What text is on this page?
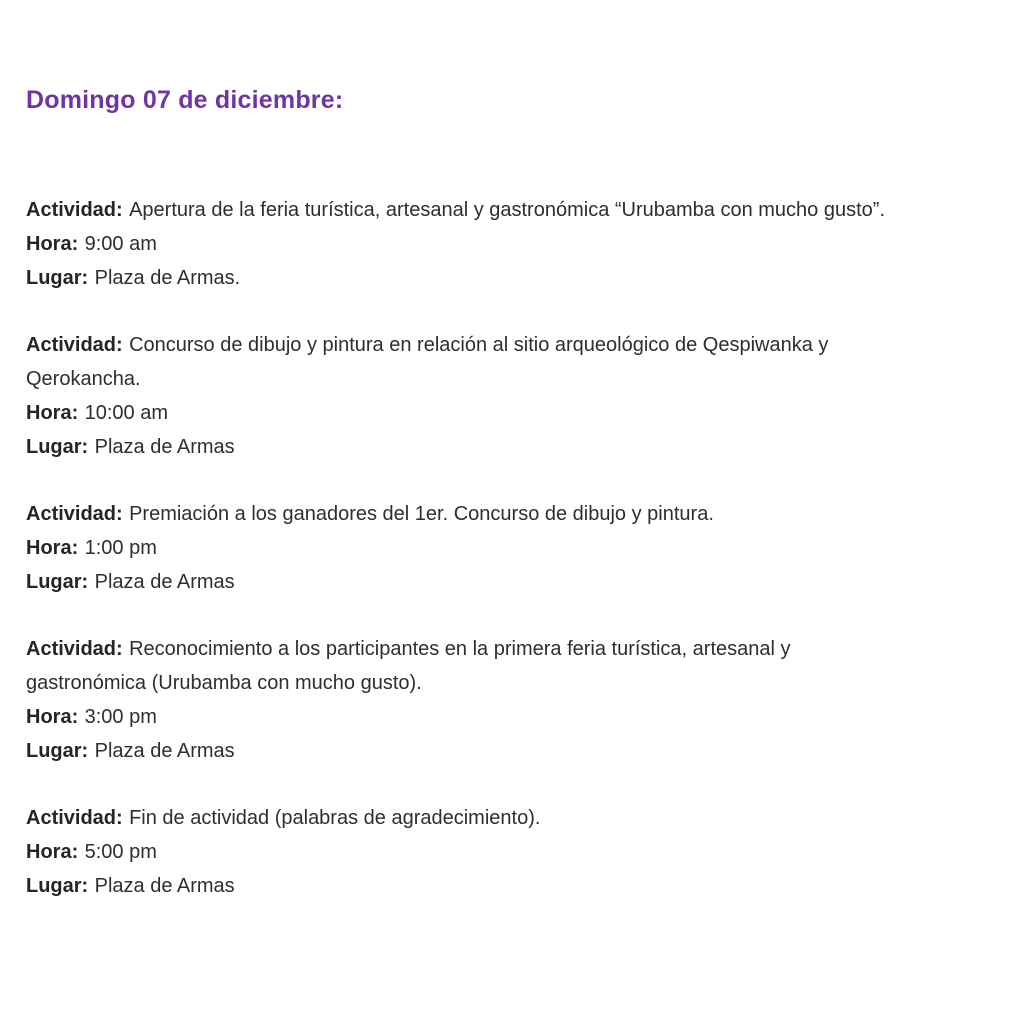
Domingo 07 de diciembre:

Actividad: Apertura de la feria turística, artesanal y gastronómica “Urubamba con mucho gusto”.

Hora: 9:00 am

Lugar: Plaza de Armas.

Actividad: Concurso de dibujo y pintura en relación al sitio arqueológico de Qespiwanka y Qerokancha.

Hora: 10:00 am

Lugar: Plaza de Armas

Actividad: Premiación a los ganadores del 1er. Concurso de dibujo y pintura.

Hora: 1:00 pm

Lugar: Plaza de Armas

Actividad: Reconocimiento a los participantes en la primera feria turística, artesanal y gastronómica (Urubamba con mucho gusto).

Hora: 3:00 pm

Lugar: Plaza de Armas

Actividad: Fin de actividad (palabras de agradecimiento).

Hora: 5:00 pm

Lugar: Plaza de Armas
